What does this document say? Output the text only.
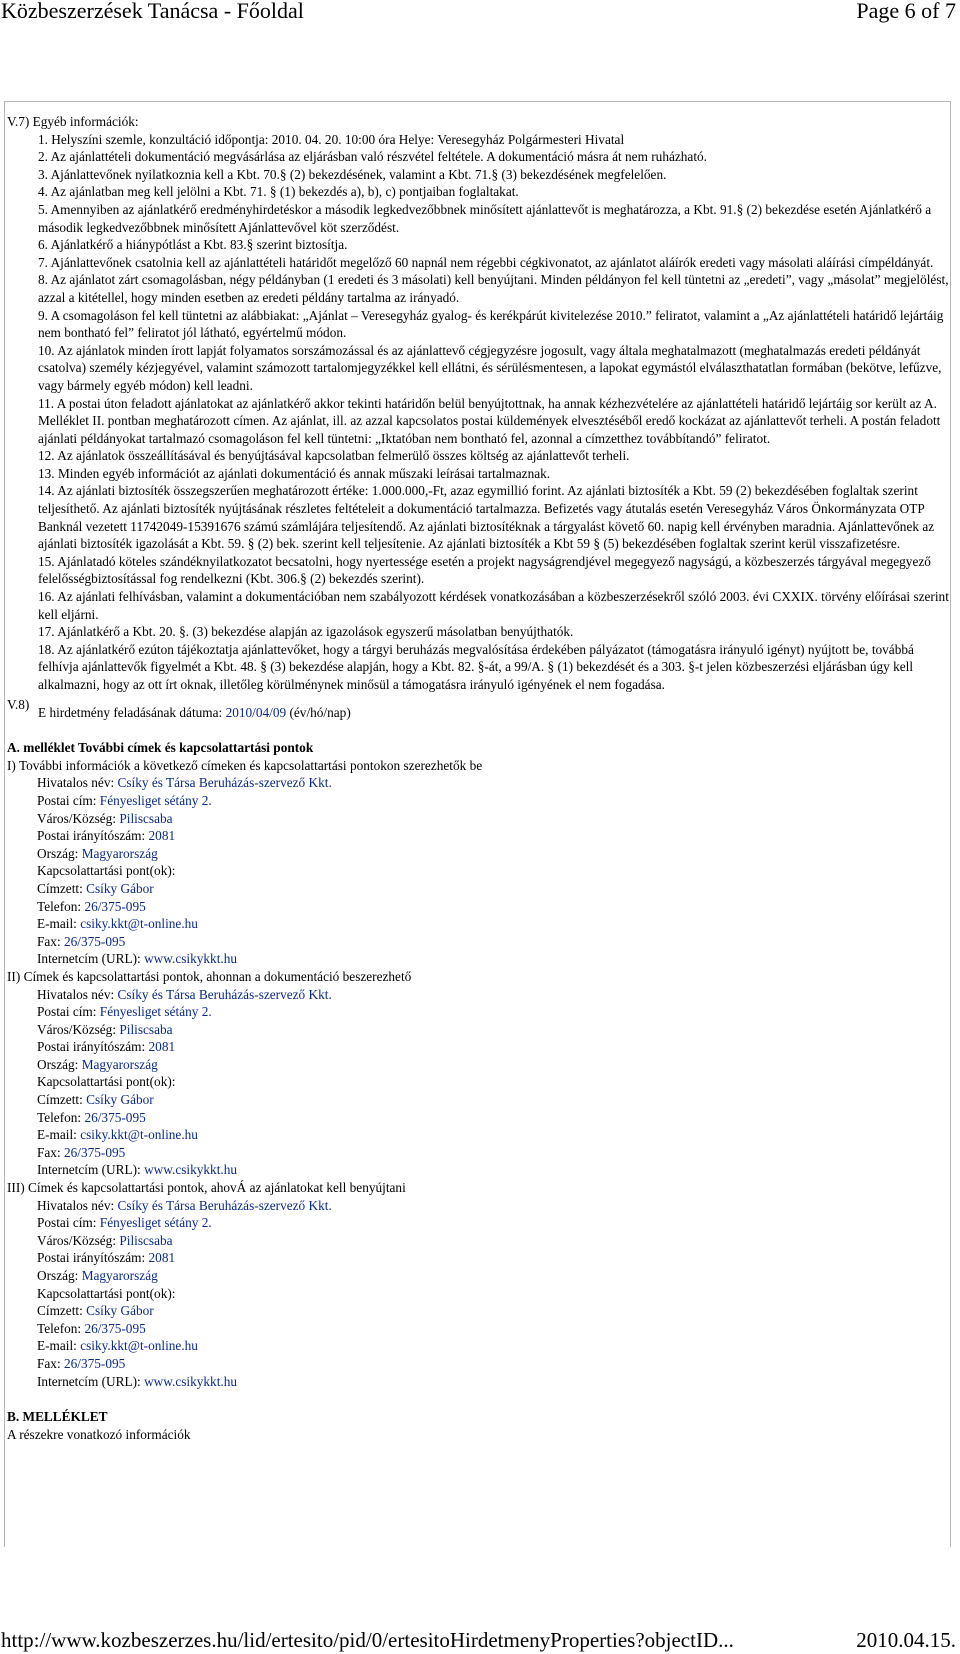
Közbeszerzések Tanácsa - Főoldal	Page 6 of 7
V.7) Egyéb információk:
1. Helyszíni szemle, konzultáció időpontja: 2010. 04. 20. 10:00 óra Helye: Veresegyház Polgármesteri Hivatal
2. Az ajánlattételi dokumentáció megvásárlása az eljárásban való részvétel feltétele. A dokumentáció másra át nem ruházható.
3. Ajánlattevőnek nyilatkoznia kell a Kbt. 70.§ (2) bekezdésének, valamint a Kbt. 71.§ (3) bekezdésének megfelelően.
4. Az ajánlatban meg kell jelölni a Kbt. 71. § (1) bekezdés a), b), c) pontjaiban foglaltakat.
5. Amennyiben az ajánlatkérő eredményhirdetéskor a második legkedvezőbbnek minősített ajánlattevőt is meghatározza, a Kbt. 91.§ (2) bekezdése esetén Ajánlatkérő a második legkedvezőbbnek minősített Ajánlattevővel köt szerződést.
6. Ajánlatkérő a hiánypótlást a Kbt. 83.§ szerint biztosítja.
7. Ajánlattevőnek csatolnia kell az ajánlattételi határidőt megelőző 60 napnál nem régebbi cégkivonatot, az ajánlatot aláírók eredeti vagy másolati aláírási címpéldányát.
8. Az ajánlatot zárt csomagolásban, négy példányban (1 eredeti és 3 másolati) kell benyújtani. Minden példányon fel kell tüntetni az „eredeti”, vagy „másolat” megjelölést, azzal a kitétellel, hogy minden esetben az eredeti példány tartalma az irányadó.
9. A csomagoláson fel kell tüntetni az alábbiakat: „Ajánlat – Veresegyház gyalog- és kerékpárút kivitelezése 2010.” feliratot, valamint a „Az ajánlattételi határidő lejártáig nem bontható fel” feliratot jól látható, egyértelmű módon.
10. Az ajánlatok minden írott lapját folyamatos sorszámozással és az ajánlattevő cégjegyzésre jogosult, vagy általa meghatalmazott (meghatalmazás eredeti példányát csatolva) személy kézjegyével, valamint számozott tartalomjegyzékkel kell ellátni, és sérülésmentesen, a lapokat egymástól elválaszthatatlan formában (bekötve, lefűzve, vagy bármely egyéb módon) kell leadni.
11. A postai úton feladott ajánlatokat az ajánlatkérő akkor tekinti határidőn belül benyújtottnak, ha annak kézhezvételére az ajánlattételi határidő lejártáig sor került az A. Melléklet II. pontban meghatározott címen. Az ajánlat, ill. az azzal kapcsolatos postai küldemények elvesztéséből eredő kockázat az ajánlattevőt terheli. A postán feladott ajánlati példányokat tartalmazó csomagoláson fel kell tüntetni: „Iktatóban nem bontható fel, azonnal a címzetthez továbbítandó” feliratot.
12. Az ajánlatok összeállításával és benyújtásával kapcsolatban felmerülő összes költség az ajánlattevőt terheli.
13. Minden egyéb információt az ajánlati dokumentáció és annak műszaki leírásai tartalmaznak.
14. Az ajánlati biztosíték összegszerűen meghatározott értéke: 1.000.000,-Ft, azaz egymillió forint. Az ajánlati biztosíték a Kbt. 59 (2) bekezdésében foglaltak szerint teljesíthető. Az ajánlati biztosíték nyújtásának részletes feltételeit a dokumentáció tartalmazza. Befizetés vagy átutalás esetén Veresegyház Város Önkormányzata OTP Banknál vezetett 11742049-15391676 számú számlájára teljesítendő. Az ajánlati biztosítéknak a tárgyalást követő 60. napig kell érvényben maradnia. Ajánlattevőnek az ajánlati biztosíték igazolását a Kbt. 59. § (2) bek. szerint kell teljesítenie. Az ajánlati biztosíték a Kbt 59 § (5) bekezdésében foglaltak szerint kerül visszafizetésre.
15. Ajánlatadó köteles szándéknyilatkozatot becsatolni, hogy nyertessége esetén a projekt nagyságrendjével megegyező nagyságú, a közbeszerzés tárgyával megegyező felelősségbiztosítással fog rendelkezni (Kbt. 306.§ (2) bekezdés szerint).
16. Az ajánlati felhívásban, valamint a dokumentációban nem szabályozott kérdések vonatkozásában a közbeszerzésekről szóló 2003. évi CXXIX. törvény előírásai szerint kell eljárni.
17. Ajánlatkérő a Kbt. 20. §. (3) bekezdése alapján az igazolások egyszerű másolatban benyújthatók.
18. Az ajánlatkérő ezúton tájékoztatja ajánlattevőket, hogy a tárgyi beruházás megvalósítása érdekében pályázatot (támogatásra irányuló igényt) nyújtott be, továbbá felhívja ajánlattevők figyelmét a Kbt. 48. § (3) bekezdése alapján, hogy a Kbt. 82. §-át, a 99/A. § (1) bekezdését és a 303. §-t jelen közbeszerzési eljárásban úgy kell alkalmazni, hogy az ott írt oknak, illetőleg körülménynek minősül a támogatásra irányuló igényének el nem fogadása.
V.8)
E hirdetmény feladásának dátuma: 2010/04/09 (év/hó/nap)
A. melléklet További címek és kapcsolattartási pontok
I) További információk a következő címeken és kapcsolattartási pontokon szerezhetők be
Hivatalos név: Csíky és Társa Beruházás-szervező Kkt.
Postai cím: Fényesliget sétány 2.
Város/Község: Piliscsaba
Postai irányítószám: 2081
Ország: Magyarország
Kapcsolattartási pont(ok):
Címzett: Csíky Gábor
Telefon: 26/375-095
E-mail: csiky.kkt@t-online.hu
Fax: 26/375-095
Internetcím (URL): www.csikykkt.hu
II) Címek és kapcsolattartási pontok, ahonnan a dokumentáció beszerezhető
Hivatalos név: Csíky és Társa Beruházás-szervező Kkt.
Postai cím: Fényesliget sétány 2.
Város/Község: Piliscsaba
Postai irányítószám: 2081
Ország: Magyarország
Kapcsolattartási pont(ok):
Címzett: Csíky Gábor
Telefon: 26/375-095
E-mail: csiky.kkt@t-online.hu
Fax: 26/375-095
Internetcím (URL): www.csikykkt.hu
III) Címek és kapcsolattartási pontok, ahovÁ az ajánlatokat kell benyújtani
Hivatalos név: Csíky és Társa Beruházás-szervező Kkt.
Postai cím: Fényesliget sétány 2.
Város/Község: Piliscsaba
Postai irányítószám: 2081
Ország: Magyarország
Kapcsolattartási pont(ok):
Címzett: Csíky Gábor
Telefon: 26/375-095
E-mail: csiky.kkt@t-online.hu
Fax: 26/375-095
Internetcím (URL): www.csikykkt.hu
B. MELLÉKLET
A részekre vonatkozó információk
http://www.kozbeszerzes.hu/lid/ertesito/pid/0/ertesitoHirdetmenyProperties?objectID...	2010.04.15.
